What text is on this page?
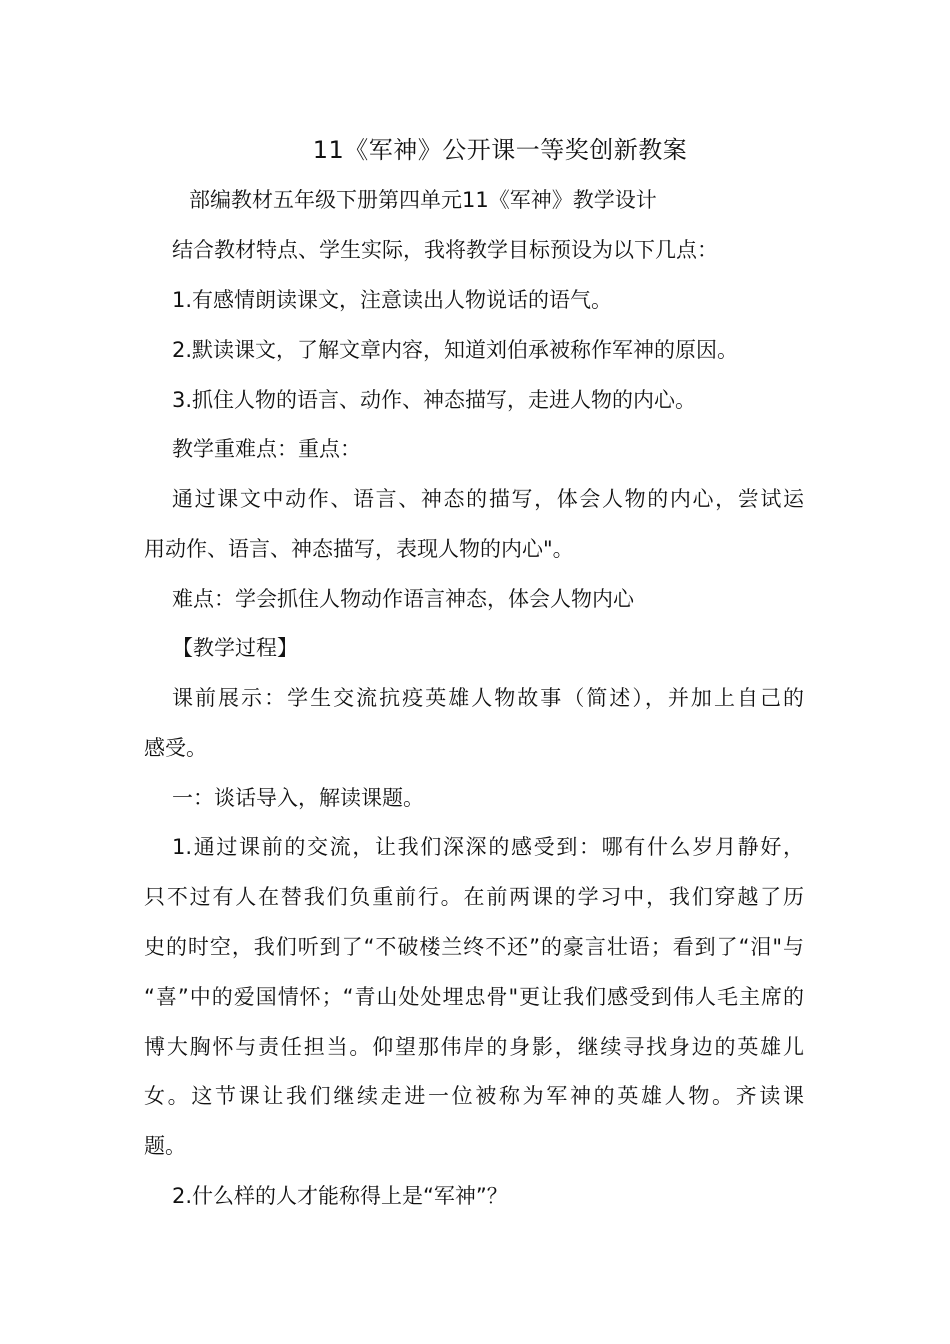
11《军神》公开课一等奖创新教案
部编教材五年级下册第四单元11《军神》教学设计
结合教材特点、学生实际，我将教学目标预设为以下几点：
1.有感情朗读课文，注意读出人物说话的语气。
2.默读课文，了解文章内容，知道刘伯承被称作军神的原因。
3.抓住人物的语言、动作、神态描写，走进人物的内心。
教学重难点：重点：
通过课文中动作、语言、神态的描写，体会人物的内心，尝试运
用动作、语言、神态描写，表现人物的内心"。
难点：学会抓住人物动作语言神态，体会人物内心
【教学过程】
课前展示：学生交流抗疫英雄人物故事（简述），并加上自己的
感受。
一：谈话导入，解读课题。
1.通过课前的交流，让我们深深的感受到：哪有什么岁月静好，
只不过有人在替我们负重前行。在前两课的学习中，我们穿越了历
史的时空，我们听到了“不破楼兰终不还”的豪言壮语；看到了“泪"与
“喜”中的爱国情怀；“青山处处埋忠骨"更让我们感受到伟人毛主席的
博大胸怀与责任担当。仰望那伟岸的身影，继续寻找身边的英雄儿
女。这节课让我们继续走进一位被称为军神的英雄人物。齐读课
题。
2.什么样的人才能称得上是“军神”？
